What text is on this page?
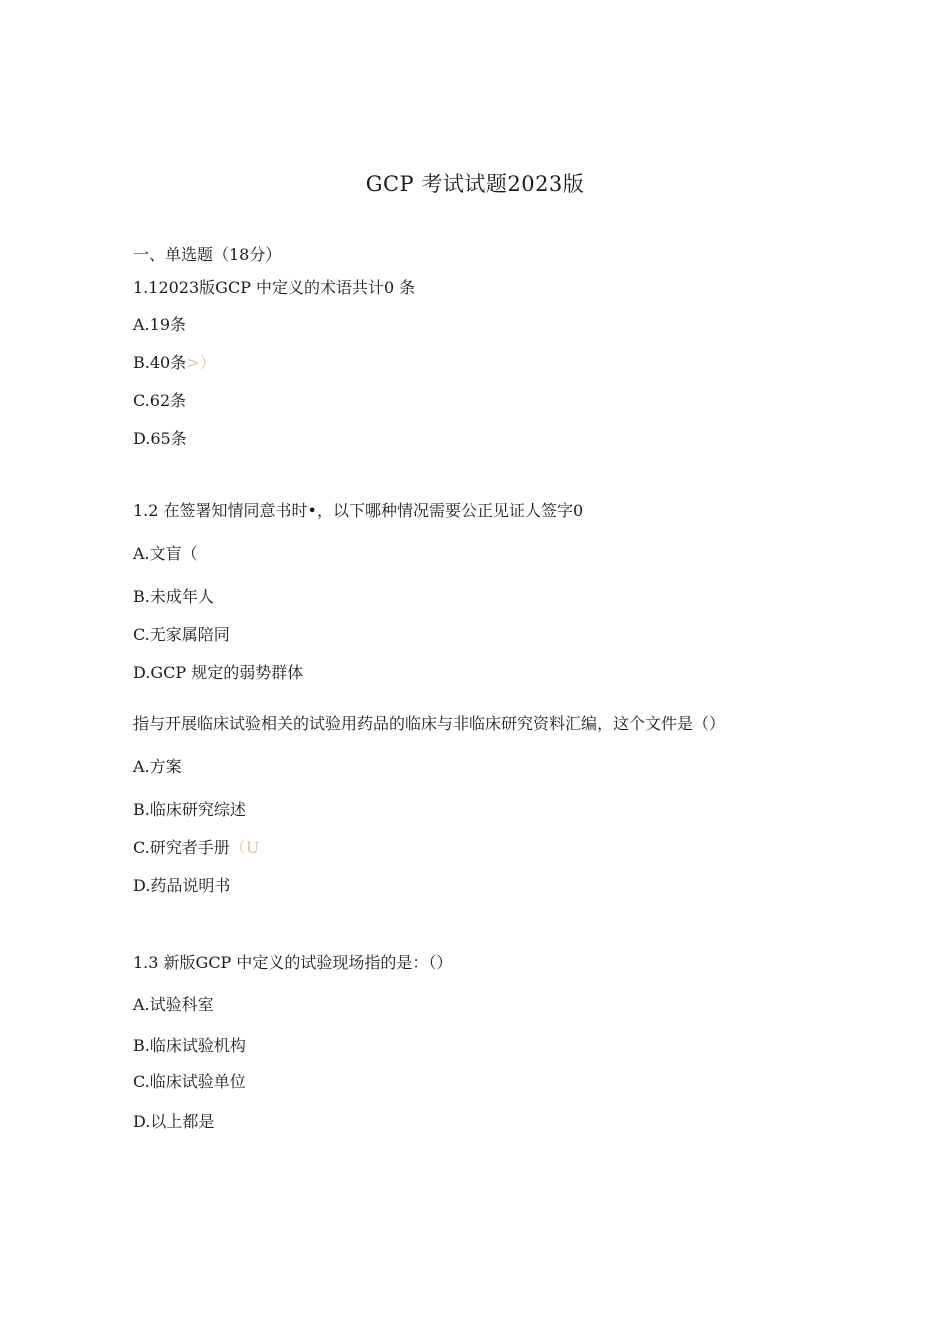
GCP 考试试题2023版
一、单选题（18分）
1.12023版GCP 中定义的术语共计0 条
A.19条
B.40条>）
C.62条
D.65条
1.2 在签署知情同意书时•，以下哪种情况需要公正见证人签字0
A.文盲（
B.未成年人
C.无家属陪同
D.GCP 规定的弱势群体
指与开展临床试验相关的试验用药品的临床与非临床研究资料汇编，这个文件是（）
A.方案
B.临床研究综述
C.研究者手册（U
D.药品说明书
1.3 新版GCP 中定义的试验现场指的是：（）
A.试验科室
B.临床试验机构
C.临床试验单位
D.以上都是
